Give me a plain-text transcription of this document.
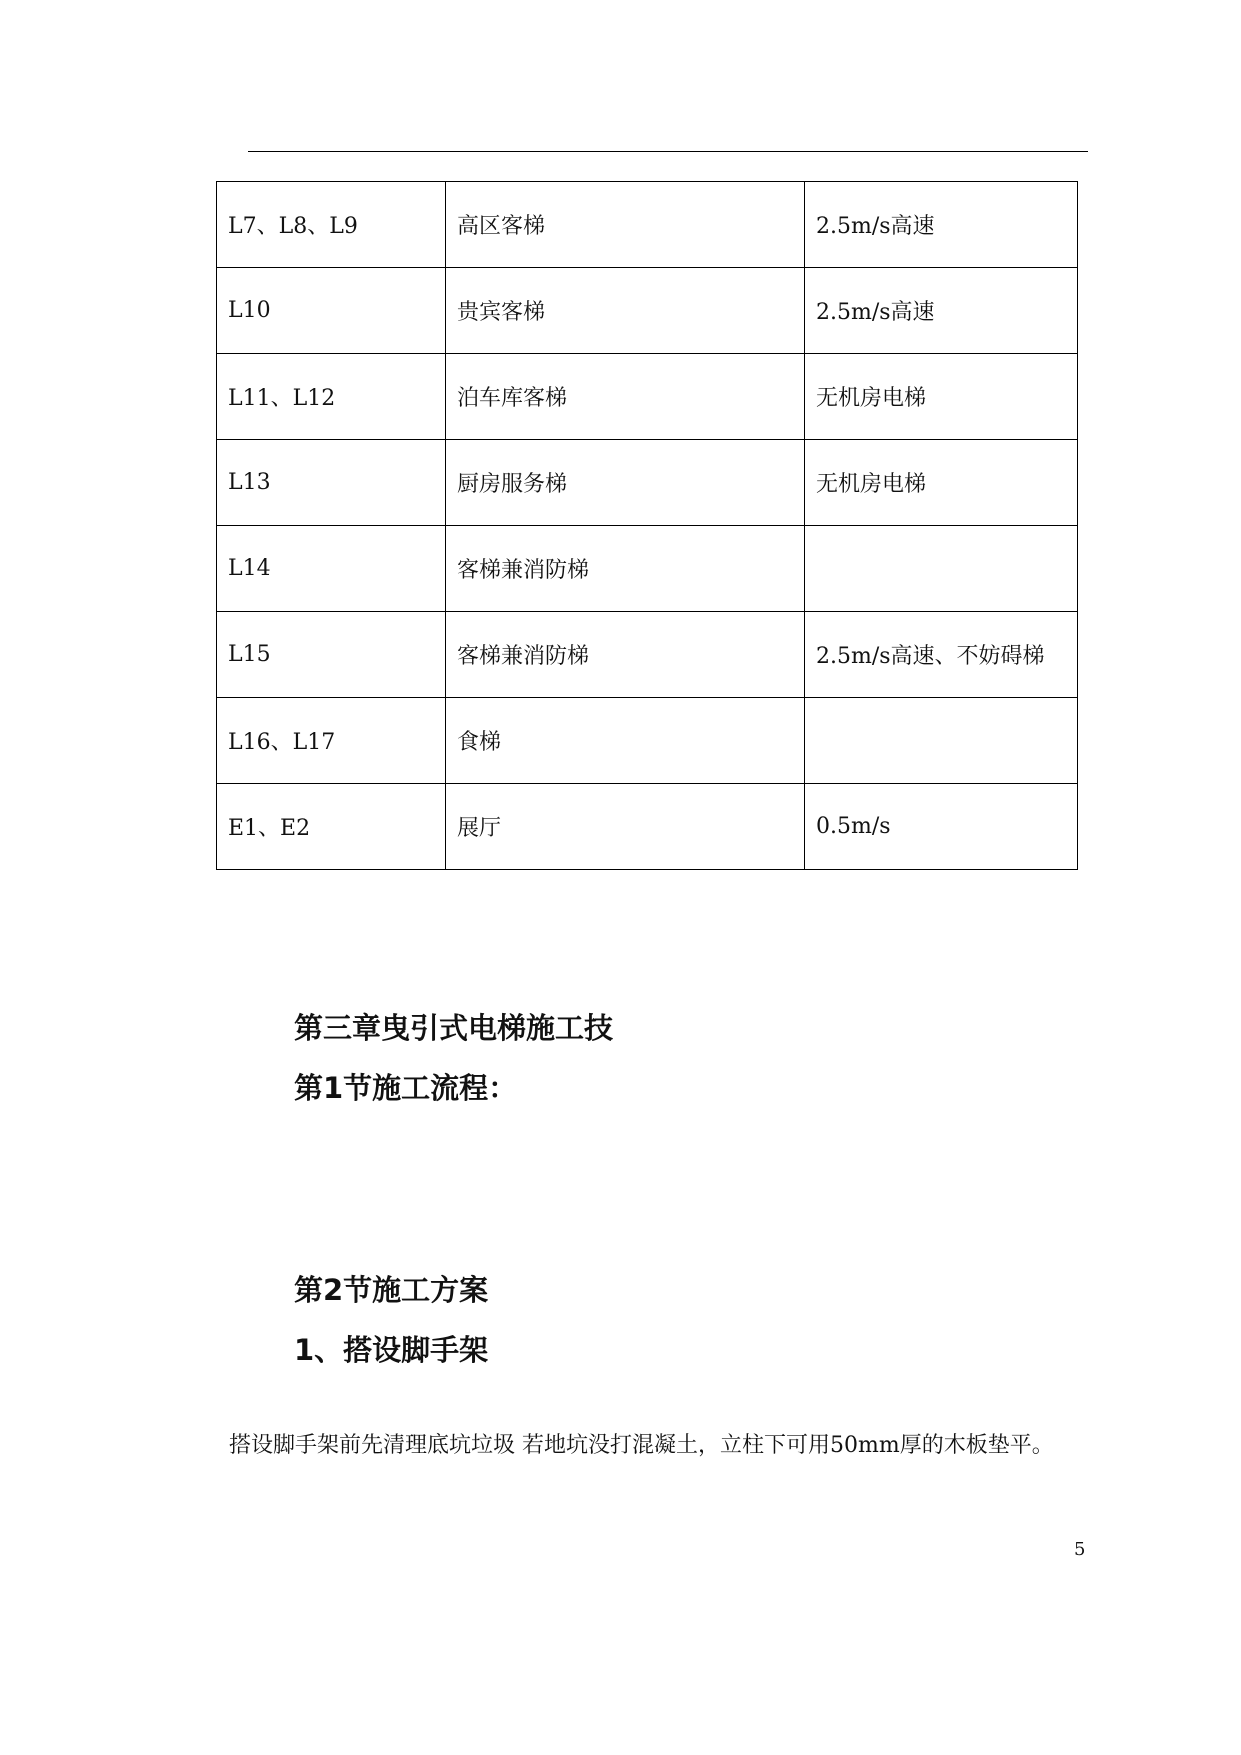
L7、L8、L9	高区客梯	2.5m/s高速
L10	贵宾客梯	2.5m/s高速
L11、L12	泊车库客梯	无机房电梯
L13	厨房服务梯	无机房电梯
L14	客梯兼消防梯	
L15	客梯兼消防梯	2.5m/s高速、不妨碍梯
L16、L17	食梯	
E1、E2	展厅	0.5m/s
第三章曳引式电梯施工技
第1节施工流程：
第2节施工方案
1、搭设脚手架
搭设脚手架前先清理底坑垃圾 若地坑没打混凝土，立柱下可用50mm厚的木板垫平。
5
